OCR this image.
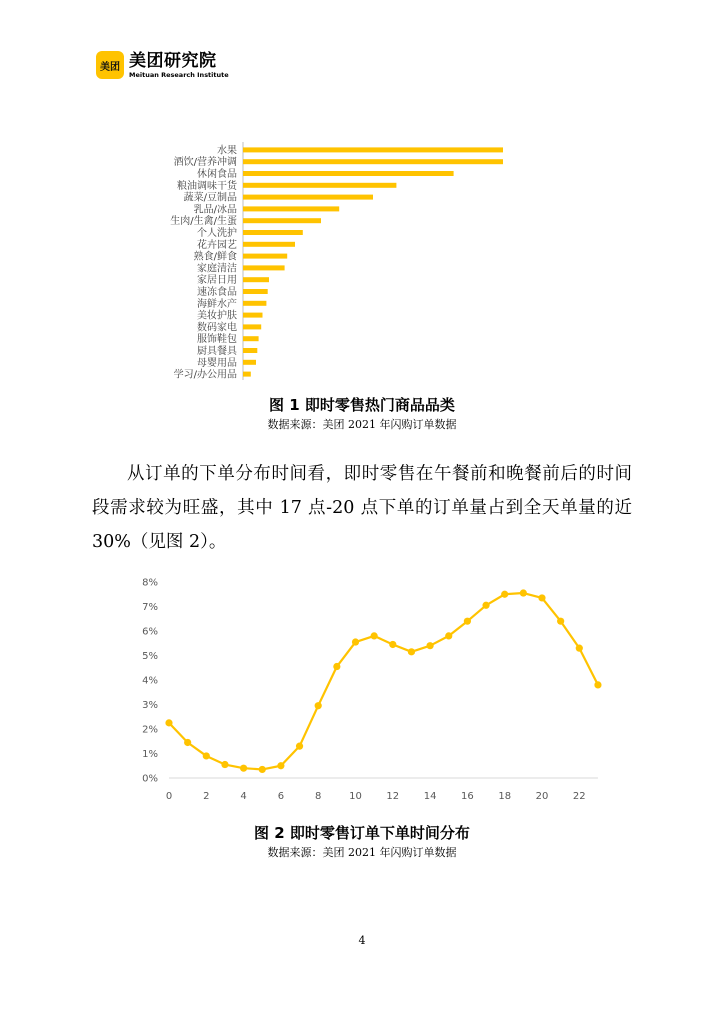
美团 美团研究院
Meituan Research Institute
水果
酒饮/营养冲调
休闲食品
粮油调味干货
蔬菜/豆制品
乳品/冰品
生肉/生禽/生蛋
个人洗护
花卉园艺
熟食/鲜食
家庭清洁
家居日用
速冻食品
海鲜水产
美妆护肤
数码家电
服饰鞋包
厨具餐具
母婴用品
学习/办公用品
图 1 即时零售热门商品品类
数据来源：美团 2021 年闪购订单数据
从订单的下单分布时间看，即时零售在午餐前和晚餐前后的时间段需求较为旺盛，其中 17 点-20 点下单的订单量占到全天单量的近 30%（见图 2）。
0%
1%
2%
3%
4%
5%
6%
7%
8%
0	2	4	6	8	10 12 14 16 18 20 22
图 2 即时零售订单下单时间分布
数据来源：美团 2021 年闪购订单数据
4
